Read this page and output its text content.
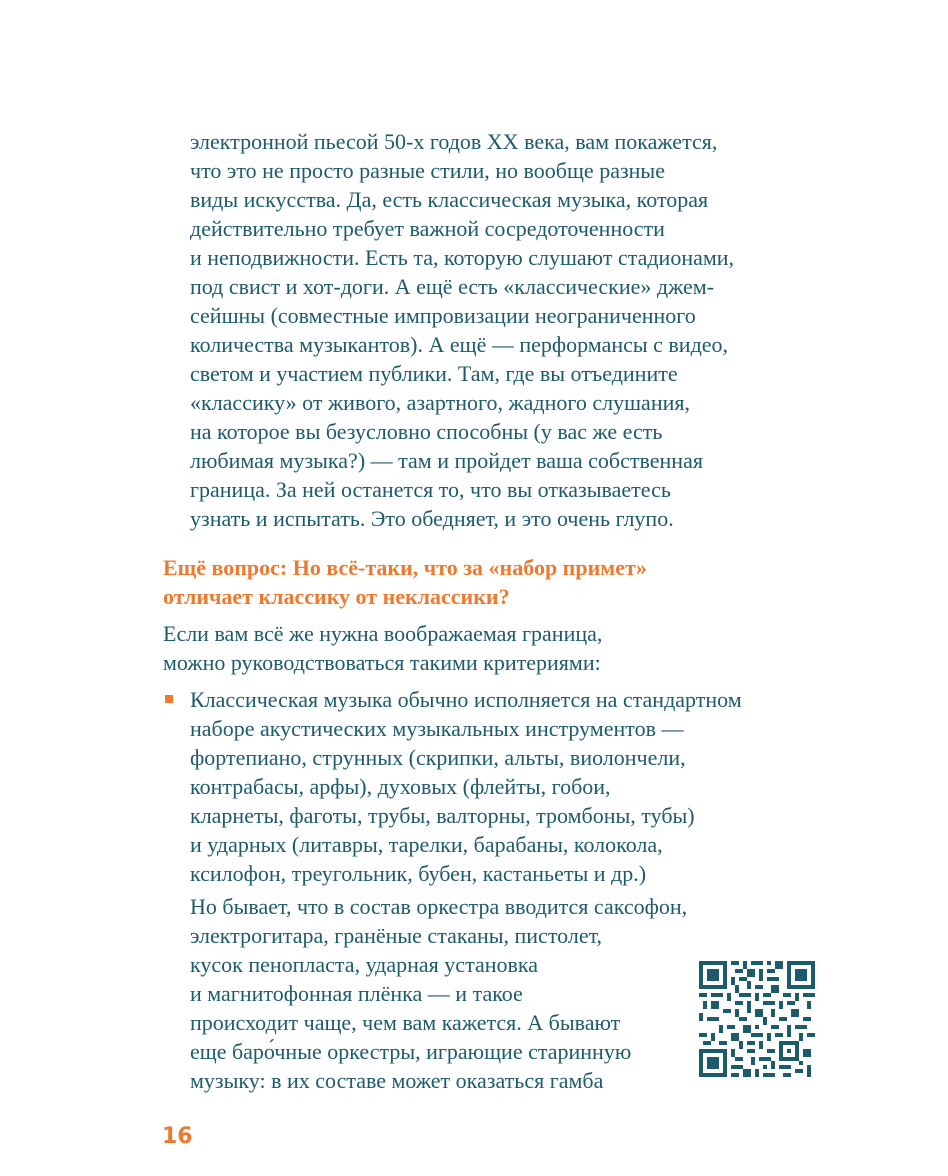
электронной пьесой 50-х годов XX века, вам покажется,
что это не просто разные стили, но вообще разные
виды искусства. Да, есть классическая музыка, которая
действительно требует важной сосредоточенности
и неподвижности. Есть та, которую слушают стадионами,
под свист и хот-доги. А ещё есть «классические» джем-
сейшны (совместные импровизации неограниченного
количества музыкантов). А ещё — перформансы с видео,
светом и участием публики. Там, где вы отъедините
«классику» от живого, азартного, жадного слушания,
на которое вы безусловно способны (у вас же есть
любимая музыка?) — там и пройдет ваша собственная
граница. За ней останется то, что вы отказываетесь
узнать и испытать. Это обедняет, и это очень глупо.
Ещё вопрос: Но всё-таки, что за «набор примет»
отличает классику от неклассики?
Если вам всё же нужна воображаемая граница,
можно руководствоваться такими критериями:
Классическая музыка обычно исполняется на стандартном
наборе акустических музыкальных инструментов —
фортепиано, струнных (скрипки, альты, виолончели,
контрабасы, арфы), духовых (флейты, гобои,
кларнеты, фаготы, трубы, валторны, тромбоны, тубы)
и ударных (литавры, тарелки, барабаны, колокола,
ксилофон, треугольник, бубен, кастаньеты и др.)
Но бывает, что в состав оркестра вводится саксофон,
электрогитара, гранёные стаканы, пистолет,
кусок пенопласта, ударная установка
и магнитофонная плёнка — и такое
происходит чаще, чем вам кажется. А бывают
еще баро́чные оркестры, играющие старинную
музыку: в их составе может оказаться гамба
16
